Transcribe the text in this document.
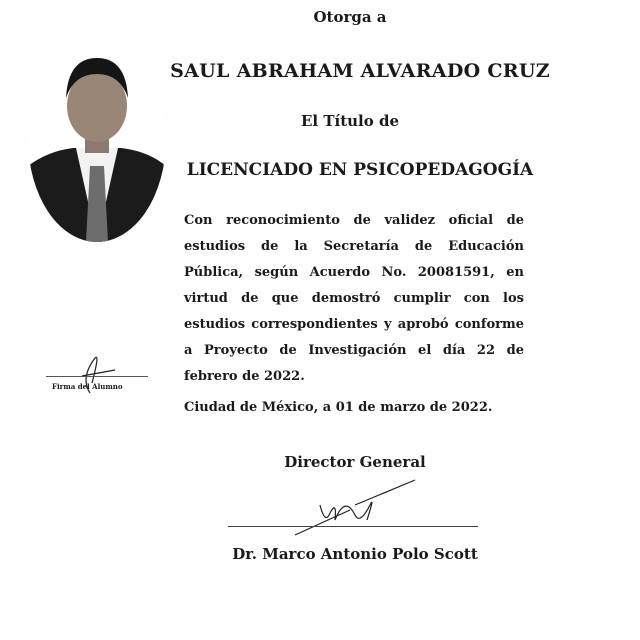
Otorga a
SAUL ABRAHAM ALVARADO CRUZ
El Título de
LICENCIADO EN PSICOPEDAGOGÍA
Con reconocimiento de validez oficial de estudios de la Secretaría de Educación Pública, según Acuerdo No. 20081591, en virtud de que demostró cumplir con los estudios correspondientes y aprobó conforme a Proyecto de Investigación el día 22 de febrero de 2022.
Ciudad de México, a 01 de marzo de 2022.
Firma del Alumno
Director General
Dr. Marco Antonio Polo Scott
